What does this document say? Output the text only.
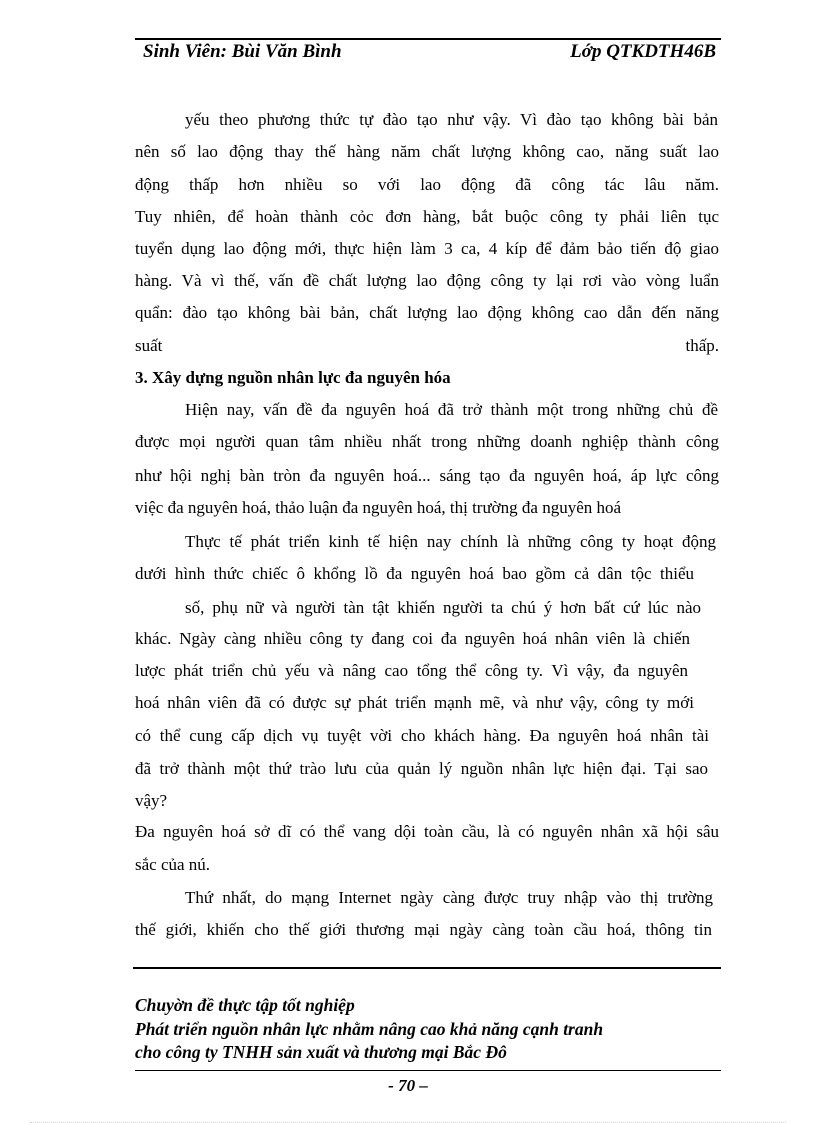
Sinh Viên: Bùi Văn Bình	Lớp QTKDTH46B
yếu theo phương thức tự đào tạo như vậy. Vì đào tạo không bài bản
nên số lao động thay thế hàng năm chất lượng không cao, năng suất lao
động thấp hơn nhiều so với lao động đã công tác lâu năm.
Tuy nhiên, để hoàn thành cỏc đơn hàng, bắt buộc công ty phải liên tục
tuyển dụng lao động mới, thực hiện làm 3 ca, 4 kíp để đảm bảo tiến độ giao
hàng. Và vì thế, vấn đề chất lượng lao động công ty lại rơi vào vòng luẩn
quẩn: đào tạo không bài bản, chất lượng lao động không cao dẫn đến năng
suất thấp.
3. Xây dựng nguồn nhân lực đa nguyên hóa
Hiện nay, vấn đề đa nguyên hoá đã trở thành một trong những chủ đề
được mọi người quan tâm nhiều nhất trong những doanh nghiệp thành công
như hội nghị bàn tròn đa nguyên hoá... sáng tạo đa nguyên hoá, áp lực công
việc đa nguyên hoá, thảo luận đa nguyên hoá, thị trường đa nguyên hoá
Thực tế phát triển kinh tế hiện nay chính là những công ty hoạt động
dưới hình thức chiếc ô khổng lồ đa nguyên hoá bao gồm cả dân tộc thiểu
số, phụ nữ và người tàn tật khiến người ta chú ý hơn bất cứ lúc nào
khác. Ngày càng nhiều công ty đang coi đa nguyên hoá nhân viên là chiến
lược phát triển chủ yếu và nâng cao tổng thể công ty. Vì vậy, đa nguyên
hoá nhân viên đã có được sự phát triển mạnh mẽ, và như vậy, công ty mới
có thể cung cấp dịch vụ tuyệt vời cho khách hàng. Đa nguyên hoá nhân tài
đã trở thành một thứ trào lưu của quản lý nguồn nhân lực hiện đại. Tại sao
vậy?
Đa nguyên hoá sở dĩ có thể vang dội toàn cầu, là có nguyên nhân xã hội sâu
sắc của nú.
Thứ nhất, do mạng Internet ngày càng được truy nhập vào thị trường
thế giới, khiến cho thế giới thương mại ngày càng toàn cầu hoá, thông tin
Chuyờn đề thực tập tốt nghiệp
Phát triển nguồn nhân lực nhằm nâng cao khả năng cạnh tranh
cho công ty TNHH sản xuất và thương mại Bắc Đô
- 70 –
